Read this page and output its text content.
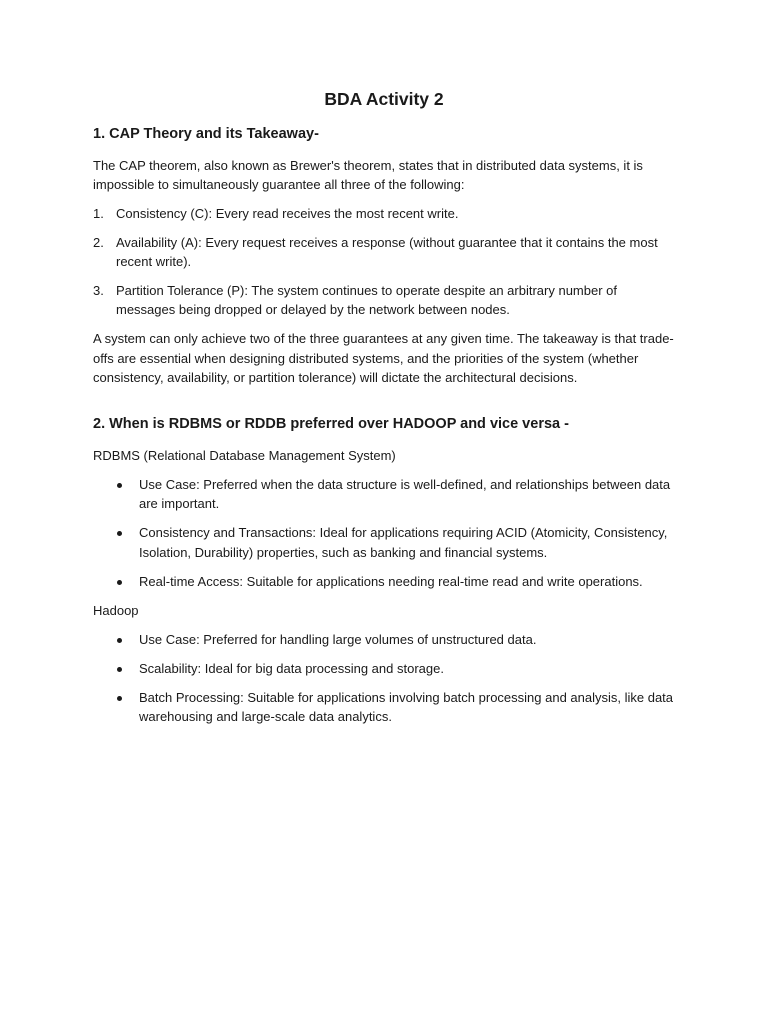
BDA Activity 2
1. CAP Theory and its Takeaway-

The CAP theorem, also known as Brewer's theorem, states that in distributed data systems, it is impossible to simultaneously guarantee all three of the following:

1. Consistency (C): Every read receives the most recent write.
2. Availability (A): Every request receives a response (without guarantee that it contains the most recent write).
3. Partition Tolerance (P): The system continues to operate despite an arbitrary number of messages being dropped or delayed by the network between nodes.

A system can only achieve two of the three guarantees at any given time. The takeaway is that trade-offs are essential when designing distributed systems, and the priorities of the system (whether consistency, availability, or partition tolerance) will dictate the architectural decisions.

2. When is RDBMS or RDDB preferred over HADOOP and vice versa -

RDBMS (Relational Database Management System)

Use Case: Preferred when the data structure is well-defined, and relationships between data are important.
Consistency and Transactions: Ideal for applications requiring ACID (Atomicity, Consistency, Isolation, Durability) properties, such as banking and financial systems.
Real-time Access: Suitable for applications needing real-time read and write operations.

Hadoop

Use Case: Preferred for handling large volumes of unstructured data.
Scalability: Ideal for big data processing and storage.
Batch Processing: Suitable for applications involving batch processing and analysis, like data warehousing and large-scale data analytics.
